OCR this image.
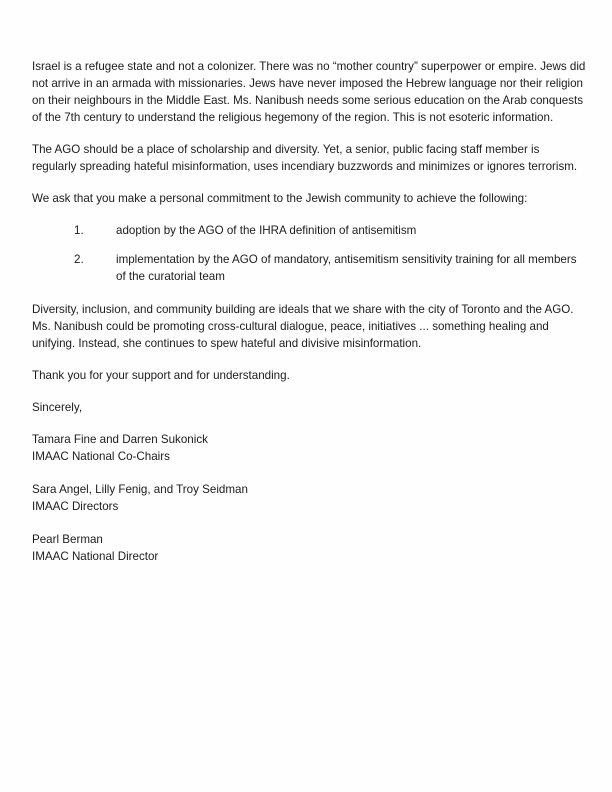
Israel is a refugee state and not a colonizer. There was no “mother country” superpower or empire. Jews did not arrive in an armada with missionaries. Jews have never imposed the Hebrew language nor their religion on their neighbours in the Middle East. Ms. Nanibush needs some serious education on the Arab conquests of the 7th century to understand the religious hegemony of the region. This is not esoteric information.

The AGO should be a place of scholarship and diversity. Yet, a senior, public facing staff member is regularly spreading hateful misinformation, uses incendiary buzzwords and minimizes or ignores terrorism.

We ask that you make a personal commitment to the Jewish community to achieve the following:

1.	adoption by the AGO of the IHRA definition of antisemitism
2.	implementation by the AGO of mandatory, antisemitism sensitivity training for all members of the curatorial team

Diversity, inclusion, and community building are ideals that we share with the city of Toronto and the AGO. Ms. Nanibush could be promoting cross-cultural dialogue, peace, initiatives ... something healing and unifying. Instead, she continues to spew hateful and divisive misinformation.

Thank you for your support and for understanding.

Sincerely,

Tamara Fine and Darren Sukonick
IMAAC National Co-Chairs
Sara Angel, Lilly Fenig, and Troy Seidman
IMAAC Directors
Pearl Berman
IMAAC National Director
